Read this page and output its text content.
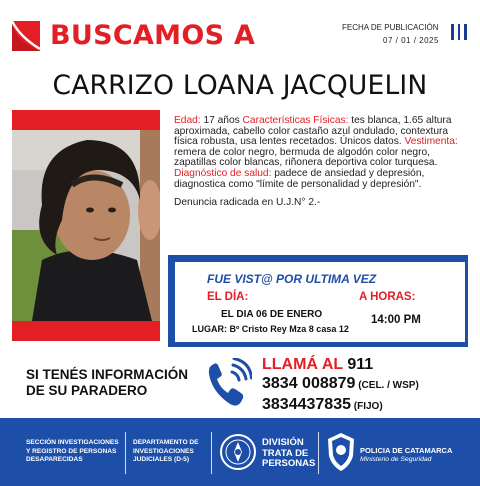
BUSCAMOS A	FECHA DE PUBLICACIÓN
07 / 01 / 2025
CARRIZO LOANA JACQUELIN
Edad: 17 años Características Físicas: tes blanca, 1.65 altura aproximada, cabello color castaño azul ondulado, contextura física robusta, usa lentes recetados. Únicos datos. Vestimenta: remera de color negro, bermuda de algodón color negro, zapatillas color blancas, riñonera deportiva color turquesa. Diagnóstico de salud: padece de ansiedad y depresión, diagnostica como "límite de personalidad y depresión".
Denuncia radicada en U.J.N° 2.-
FUE VIST@ POR ULTIMA VEZ
EL DÍA:	A HORAS:
EL DIA 06 DE ENERO	14:00 PM
LUGAR: Bº Cristo Rey Mza 8 casa 12
SI TENÉS INFORMACIÓN
DE SU PARADERO
LLAMÁ AL 911
3834 008879 (CEL. / WSP)
3834437835 (FIJO)
SECCIÓN INVESTIGACIONES
Y REGISTRO DE PERSONAS
DESAPARECIDAS
DEPARTAMENTO DE
INVESTIGACIONES
JUDICIALES (D-5)
DIVISIÓN
TRATA DE
PERSONAS
POLICIA DE CATAMARCA
Ministerio de Seguridad
